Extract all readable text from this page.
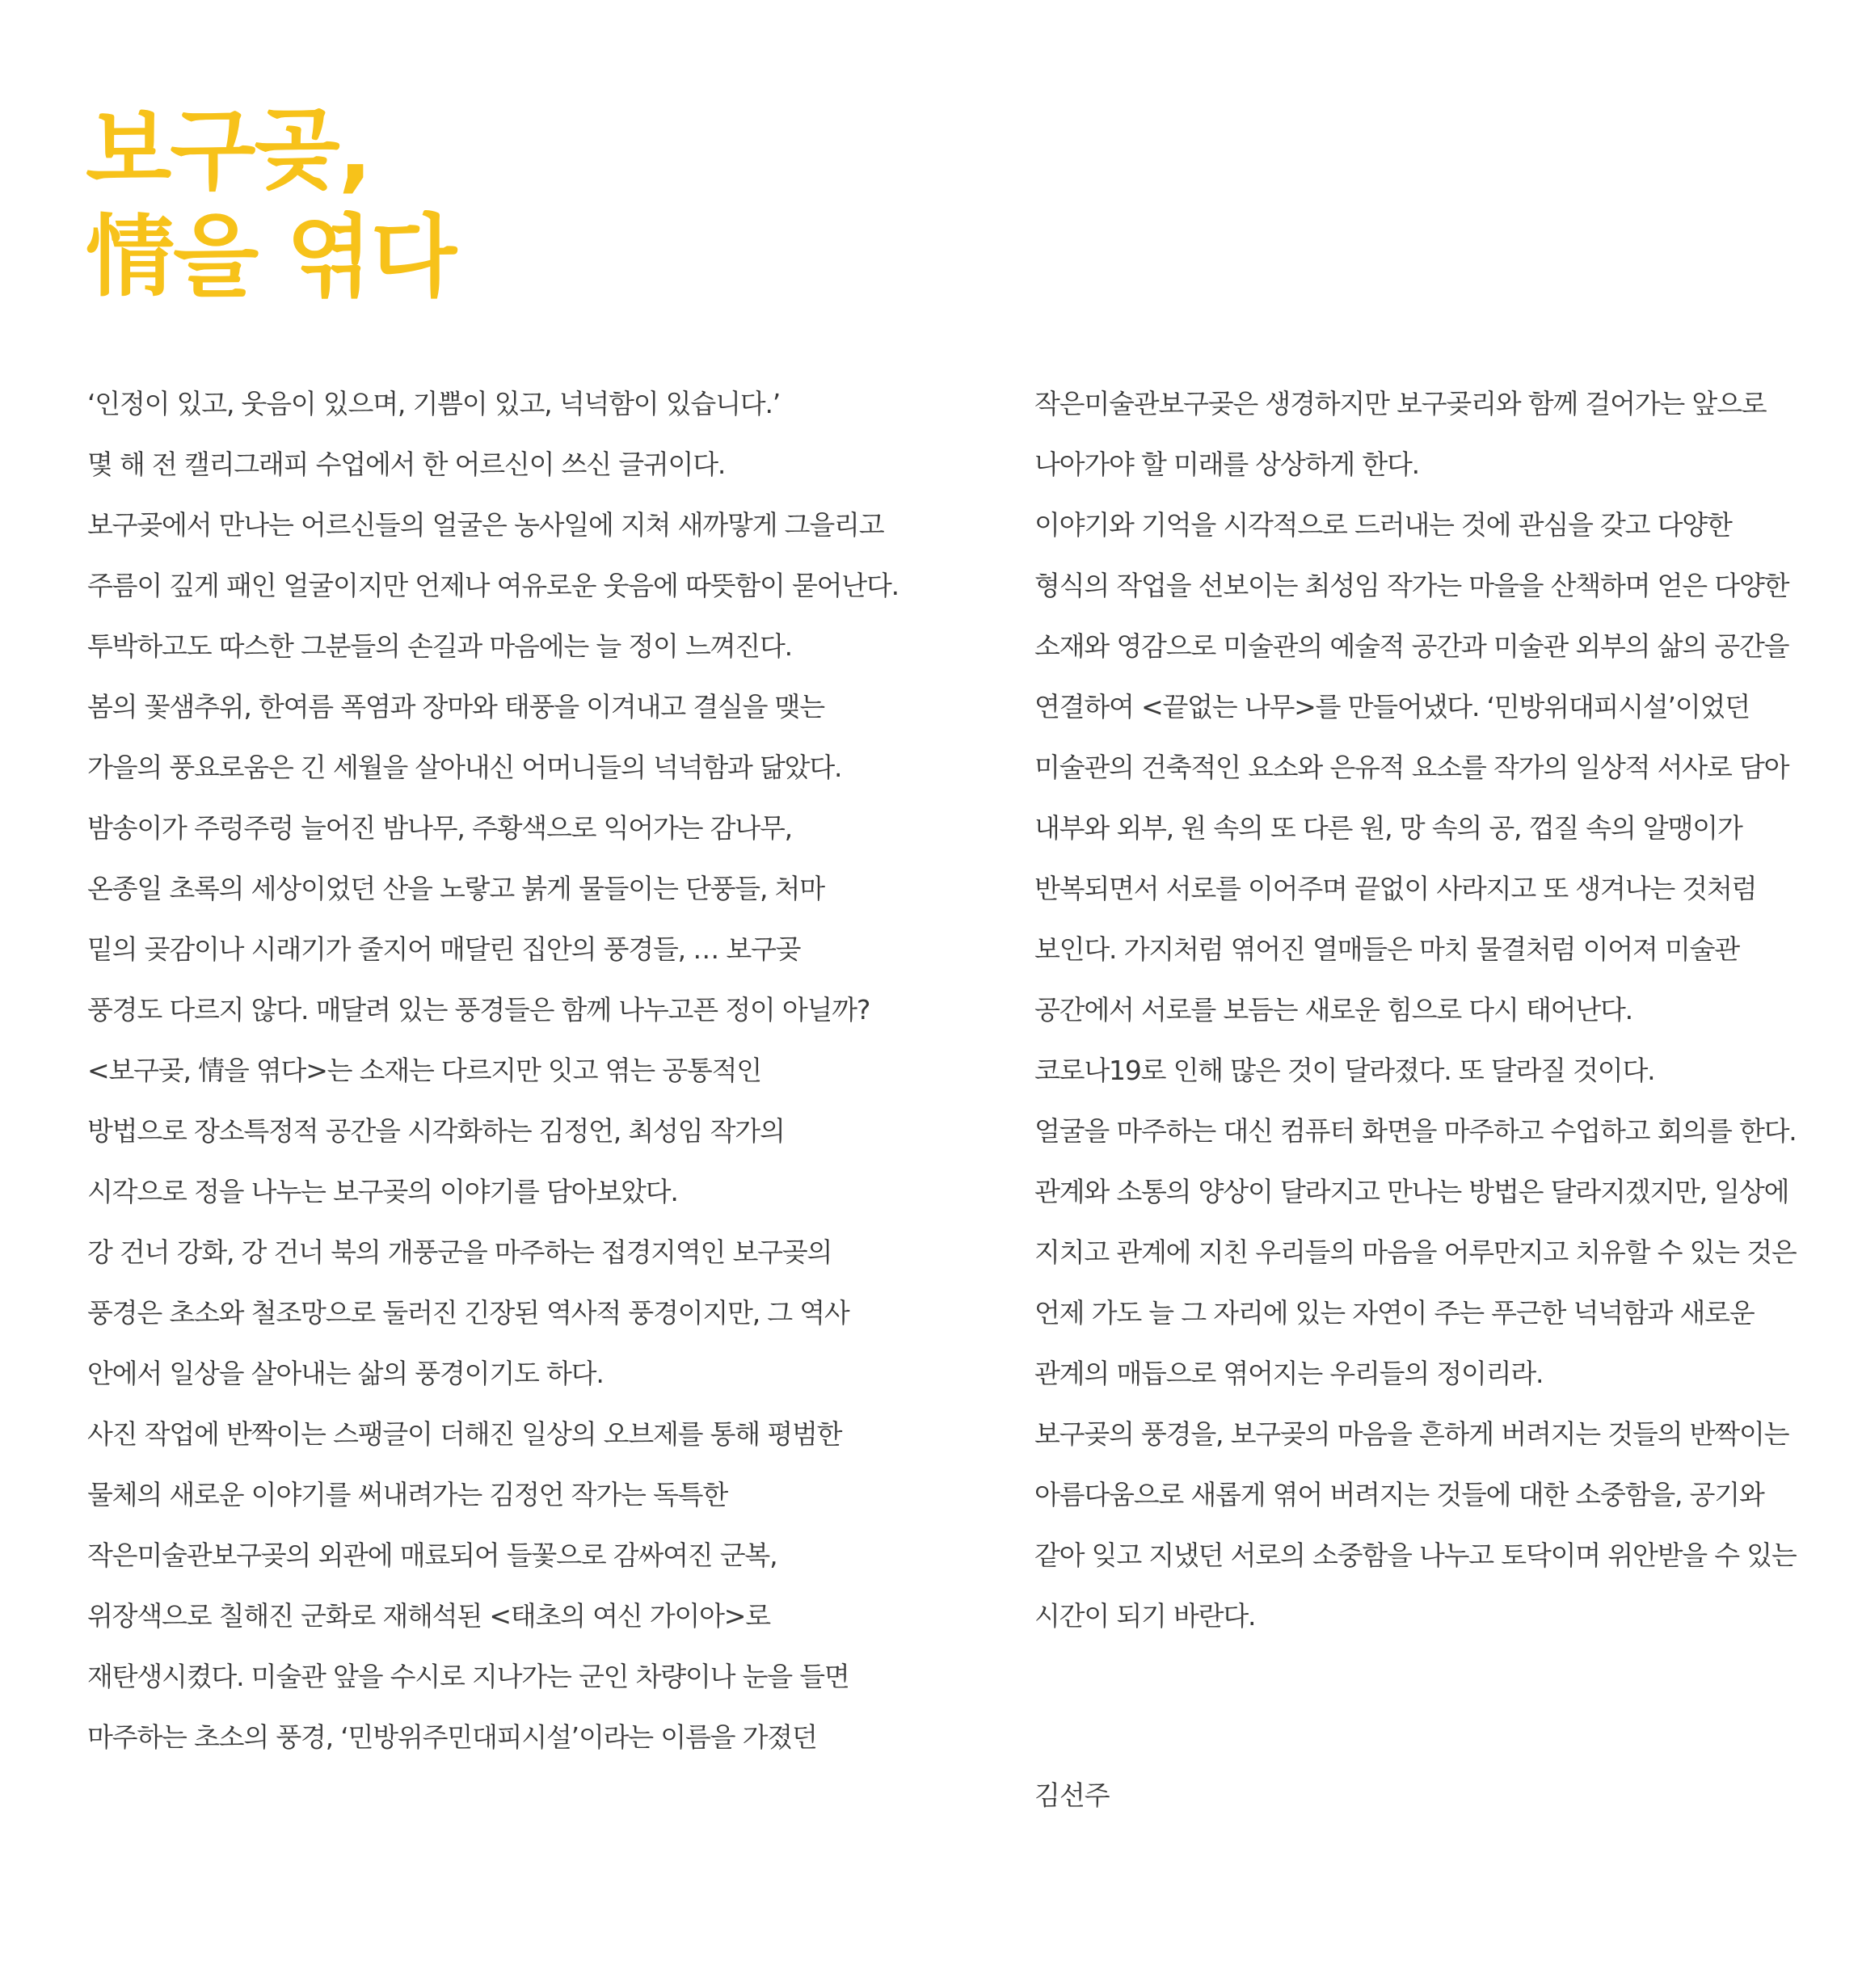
보구곶,
情을 엮다
‘인정이 있고, 웃음이 있으며, 기쁨이 있고, 넉넉함이 있습니다.’
몇 해 전 캘리그래피 수업에서 한 어르신이 쓰신 글귀이다.
보구곶에서 만나는 어르신들의 얼굴은 농사일에 지쳐 새까맣게 그을리고
주름이 깊게 패인 얼굴이지만 언제나 여유로운 웃음에 따뜻함이 묻어난다.
투박하고도 따스한 그분들의 손길과 마음에는 늘 정이 느껴진다.
봄의 꽃샘추위, 한여름 폭염과 장마와 태풍을 이겨내고 결실을 맺는
가을의 풍요로움은 긴 세월을 살아내신 어머니들의 넉넉함과 닮았다.
밤송이가 주렁주렁 늘어진 밤나무, 주황색으로 익어가는 감나무,
온종일 초록의 세상이었던 산을 노랗고 붉게 물들이는 단풍들, 처마
밑의 곶감이나 시래기가 줄지어 매달린 집안의 풍경들, … 보구곶
풍경도 다르지 않다. 매달려 있는 풍경들은 함께 나누고픈 정이 아닐까?
<보구곶, 情을 엮다>는 소재는 다르지만 잇고 엮는 공통적인
방법으로 장소특정적 공간을 시각화하는 김정언, 최성임 작가의
시각으로 정을 나누는 보구곶의 이야기를 담아보았다.
강 건너 강화, 강 건너 북의 개풍군을 마주하는 접경지역인 보구곶의
풍경은 초소와 철조망으로 둘러진 긴장된 역사적 풍경이지만, 그 역사
안에서 일상을 살아내는 삶의 풍경이기도 하다.
사진 작업에 반짝이는 스팽글이 더해진 일상의 오브제를 통해 평범한
물체의 새로운 이야기를 써내려가는 김정언 작가는 독특한
작은미술관보구곶의 외관에 매료되어 들꽃으로 감싸여진 군복,
위장색으로 칠해진 군화로 재해석된 <태초의 여신 가이아>로
재탄생시켰다. 미술관 앞을 수시로 지나가는 군인 차량이나 눈을 들면
마주하는 초소의 풍경, ‘민방위주민대피시설’이라는 이름을 가졌던
작은미술관보구곶은 생경하지만 보구곶리와 함께 걸어가는 앞으로
나아가야 할 미래를 상상하게 한다.
이야기와 기억을 시각적으로 드러내는 것에 관심을 갖고 다양한
형식의 작업을 선보이는 최성임 작가는 마을을 산책하며 얻은 다양한
소재와 영감으로 미술관의 예술적 공간과 미술관 외부의 삶의 공간을
연결하여 <끝없는 나무>를 만들어냈다. ‘민방위대피시설’이었던
미술관의 건축적인 요소와 은유적 요소를 작가의 일상적 서사로 담아
내부와 외부, 원 속의 또 다른 원, 망 속의 공, 껍질 속의 알맹이가
반복되면서 서로를 이어주며 끝없이 사라지고 또 생겨나는 것처럼
보인다. 가지처럼 엮어진 열매들은 마치 물결처럼 이어져 미술관
공간에서 서로를 보듬는 새로운 힘으로 다시 태어난다.
코로나19로 인해 많은 것이 달라졌다. 또 달라질 것이다.
얼굴을 마주하는 대신 컴퓨터 화면을 마주하고 수업하고 회의를 한다.
관계와 소통의 양상이 달라지고 만나는 방법은 달라지겠지만, 일상에
지치고 관계에 지친 우리들의 마음을 어루만지고 치유할 수 있는 것은
언제 가도 늘 그 자리에 있는 자연이 주는 푸근한 넉넉함과 새로운
관계의 매듭으로 엮어지는 우리들의 정이리라.
보구곶의 풍경을, 보구곶의 마음을 흔하게 버려지는 것들의 반짝이는
아름다움으로 새롭게 엮어 버려지는 것들에 대한 소중함을, 공기와
같아 잊고 지냈던 서로의 소중함을 나누고 토닥이며 위안받을 수 있는
시간이 되기 바란다.
김선주
